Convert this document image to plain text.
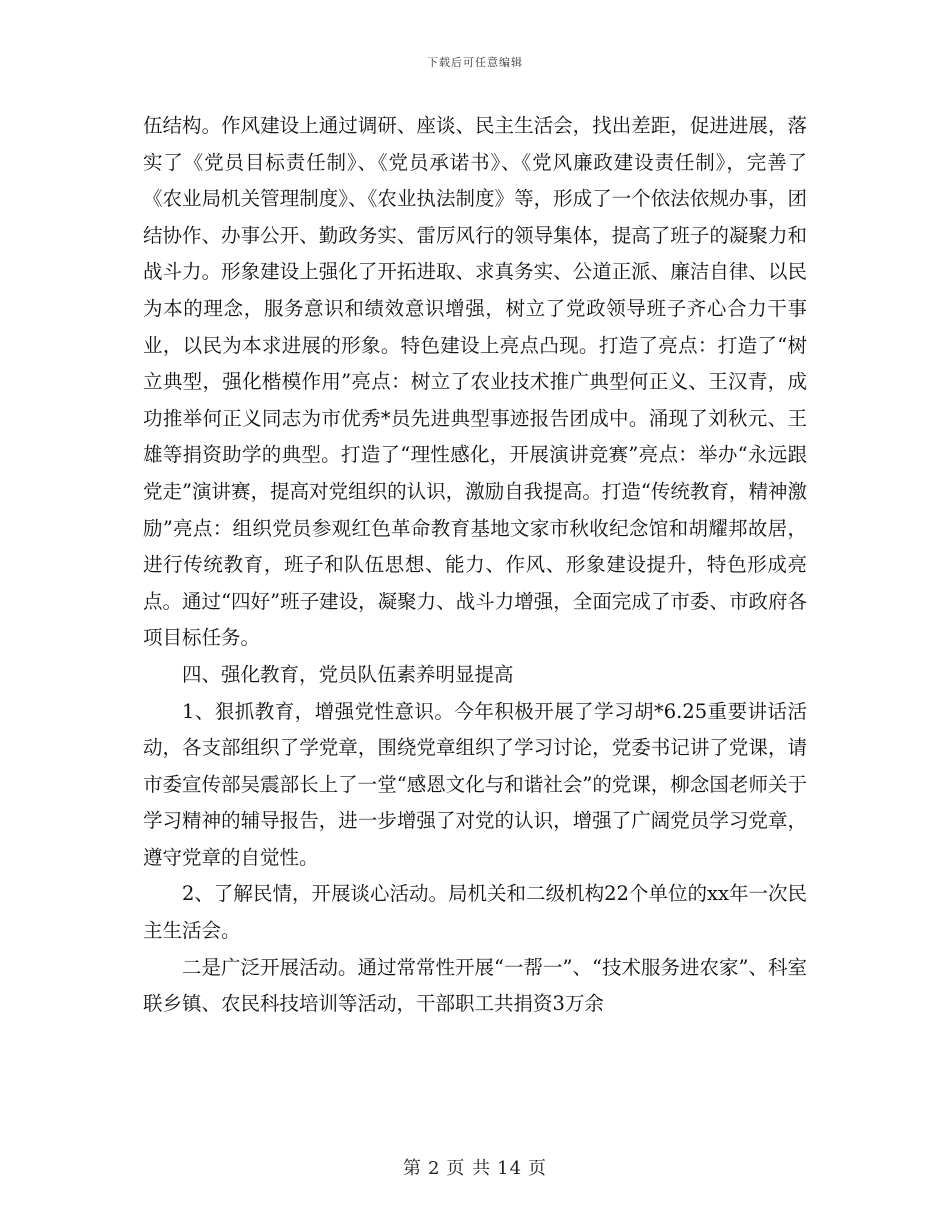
下载后可任意编辑

伍结构。作风建设上通过调研、座谈、民主生活会，找出差距，促进进展，落实了《党员目标责任制》、《党员承诺书》、《党风廉政建设责任制》，完善了《农业局机关管理制度》、《农业执法制度》等，形成了一个依法依规办事，团结协作、办事公开、勤政务实、雷厉风行的领导集体，提高了班子的凝聚力和战斗力。形象建设上强化了开拓进取、求真务实、公道正派、廉洁自律、以民为本的理念，服务意识和绩效意识增强，树立了党政领导班子齐心合力干事业，以民为本求进展的形象。特色建设上亮点凸现。打造了亮点：打造了“树立典型，强化楷模作用”亮点：树立了农业技术推广典型何正义、王汉青，成功推举何正义同志为市优秀*员先进典型事迹报告团成中。涌现了刘秋元、王雄等捐资助学的典型。打造了“理性感化，开展演讲竞赛”亮点：举办“永远跟党走”演讲赛，提高对党组织的认识，激励自我提高。打造“传统教育，精神激励”亮点：组织党员参观红色革命教育基地文家市秋收纪念馆和胡耀邦故居，进行传统教育，班子和队伍思想、能力、作风、形象建设提升，特色形成亮点。通过“四好”班子建设，凝聚力、战斗力增强，全面完成了市委、市政府各项目标任务。

四、强化教育，党员队伍素养明显提高

1、狠抓教育，增强党性意识。今年积极开展了学习胡*6.25重要讲话活动，各支部组织了学党章，围绕党章组织了学习讨论，党委书记讲了党课，请市委宣传部吴震部长上了一堂“感恩文化与和谐社会”的党课，柳念国老师关于学习精神的辅导报告，进一步增强了对党的认识，增强了广阔党员学习党章，遵守党章的自觉性。

2、了解民情，开展谈心活动。局机关和二级机构22个单位的xx年一次民主生活会。

二是广泛开展活动。通过常常性开展“一帮一”、“技术服务进农家”、科室联乡镇、农民科技培训等活动，干部职工共捐资3万余

第 2 页 共 14 页
